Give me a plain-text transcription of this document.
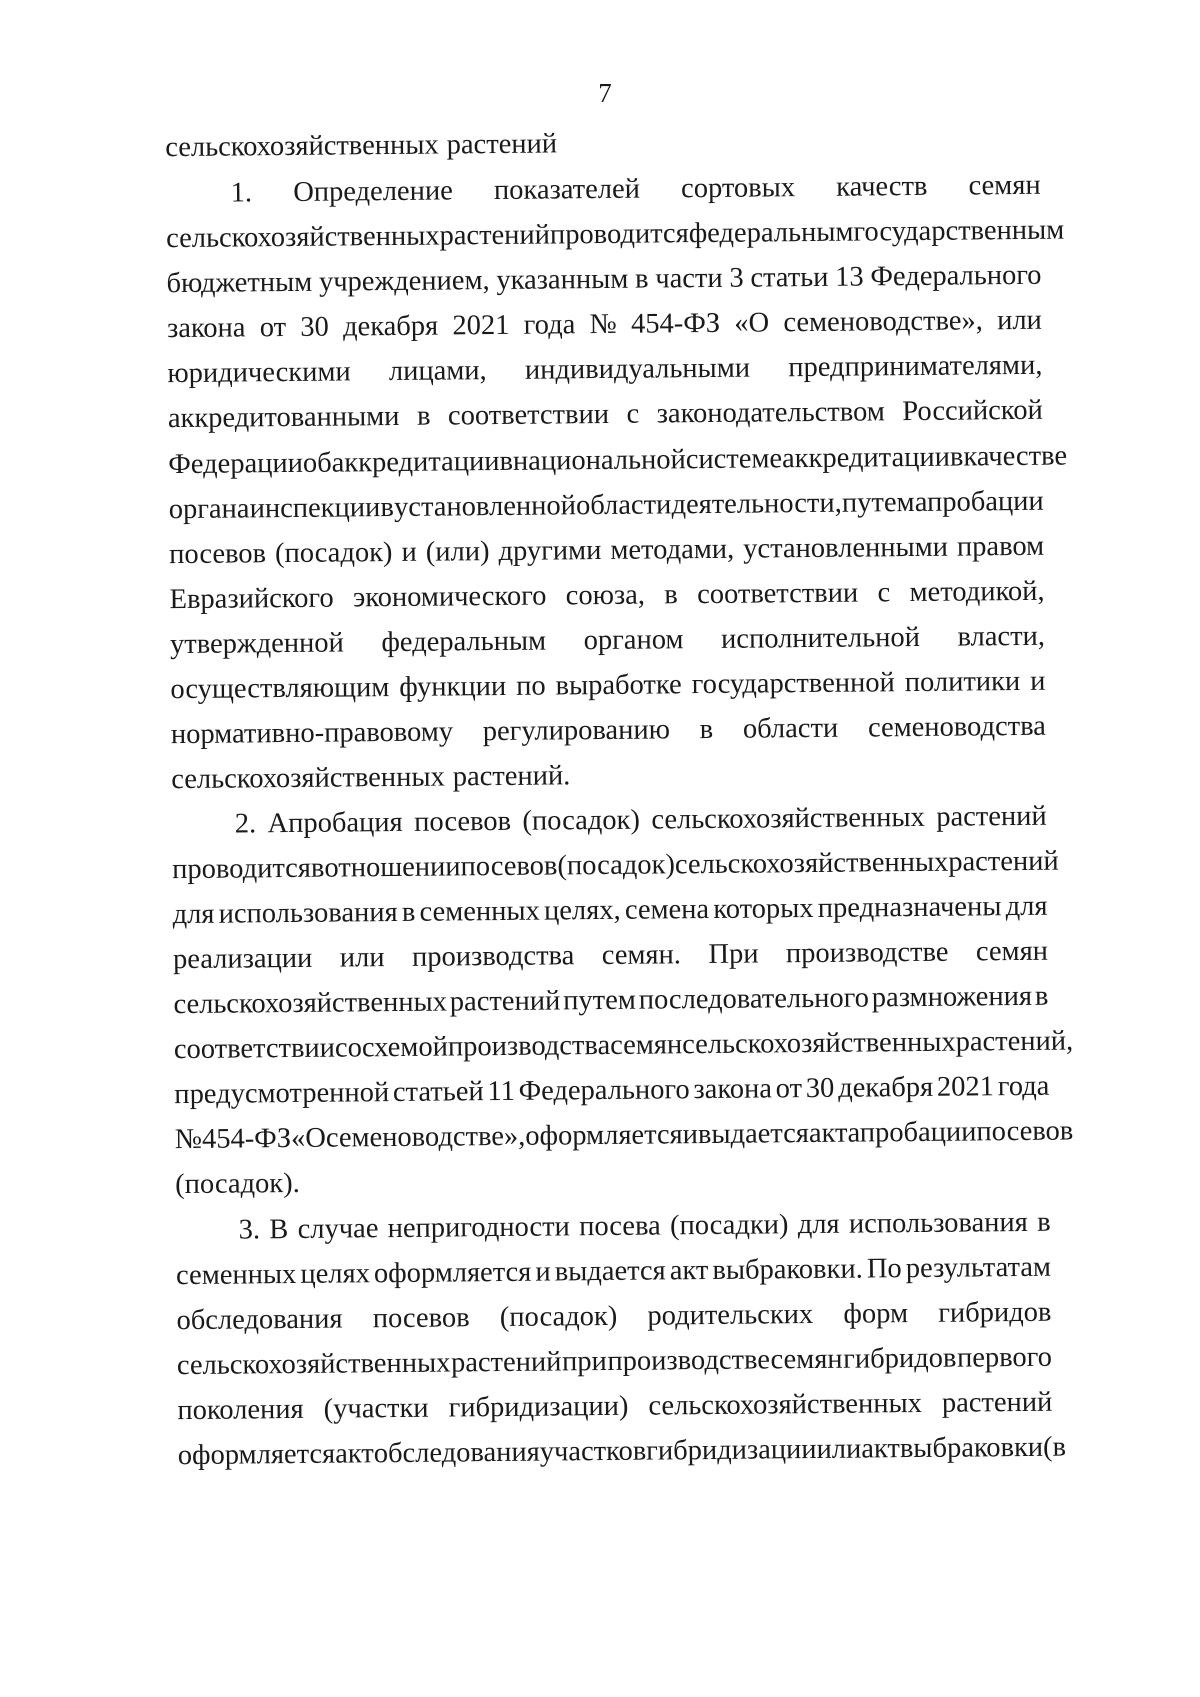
7
сельскохозяйственных растений
1. Определение показателей сортовых качеств семян
сельскохозяйственных растений проводится федеральным государственным
бюджетным учреждением, указанным в части 3 статьи 13 Федерального
закона от 30 декабря 2021 года № 454-ФЗ «О семеноводстве», или
юридическими лицами, индивидуальными предпринимателями,
аккредитованными в соответствии с законодательством Российской
Федерации об аккредитации в национальной системе аккредитации в качестве
органа инспекции в установленной области деятельности, путем апробации
посевов (посадок) и (или) другими методами, установленными правом
Евразийского экономического союза, в соответствии с методикой,
утвержденной федеральным органом исполнительной власти,
осуществляющим функции по выработке государственной политики и
нормативно-правовому регулированию в области семеноводства
сельскохозяйственных растений.
2. Апробация посевов (посадок) сельскохозяйственных растений
проводится в отношении посевов (посадок) сельскохозяйственных растений
для использования в семенных целях, семена которых предназначены для
реализации или производства семян. При производстве семян
сельскохозяйственных растений путем последовательного размножения в
соответствии со схемой производства семян сельскохозяйственных растений,
предусмотренной статьей 11 Федерального закона от 30 декабря 2021 года
№ 454-ФЗ «О семеноводстве», оформляется и выдается акт апробации посевов
(посадок).
3. В случае непригодности посева (посадки) для использования в
семенных целях оформляется и выдается акт выбраковки. По результатам
обследования посевов (посадок) родительских форм гибридов
сельскохозяйственных растений при производстве семян гибридов первого
поколения (участки гибридизации) сельскохозяйственных растений
оформляется акт обследования участков гибридизации или акт выбраковки (в
